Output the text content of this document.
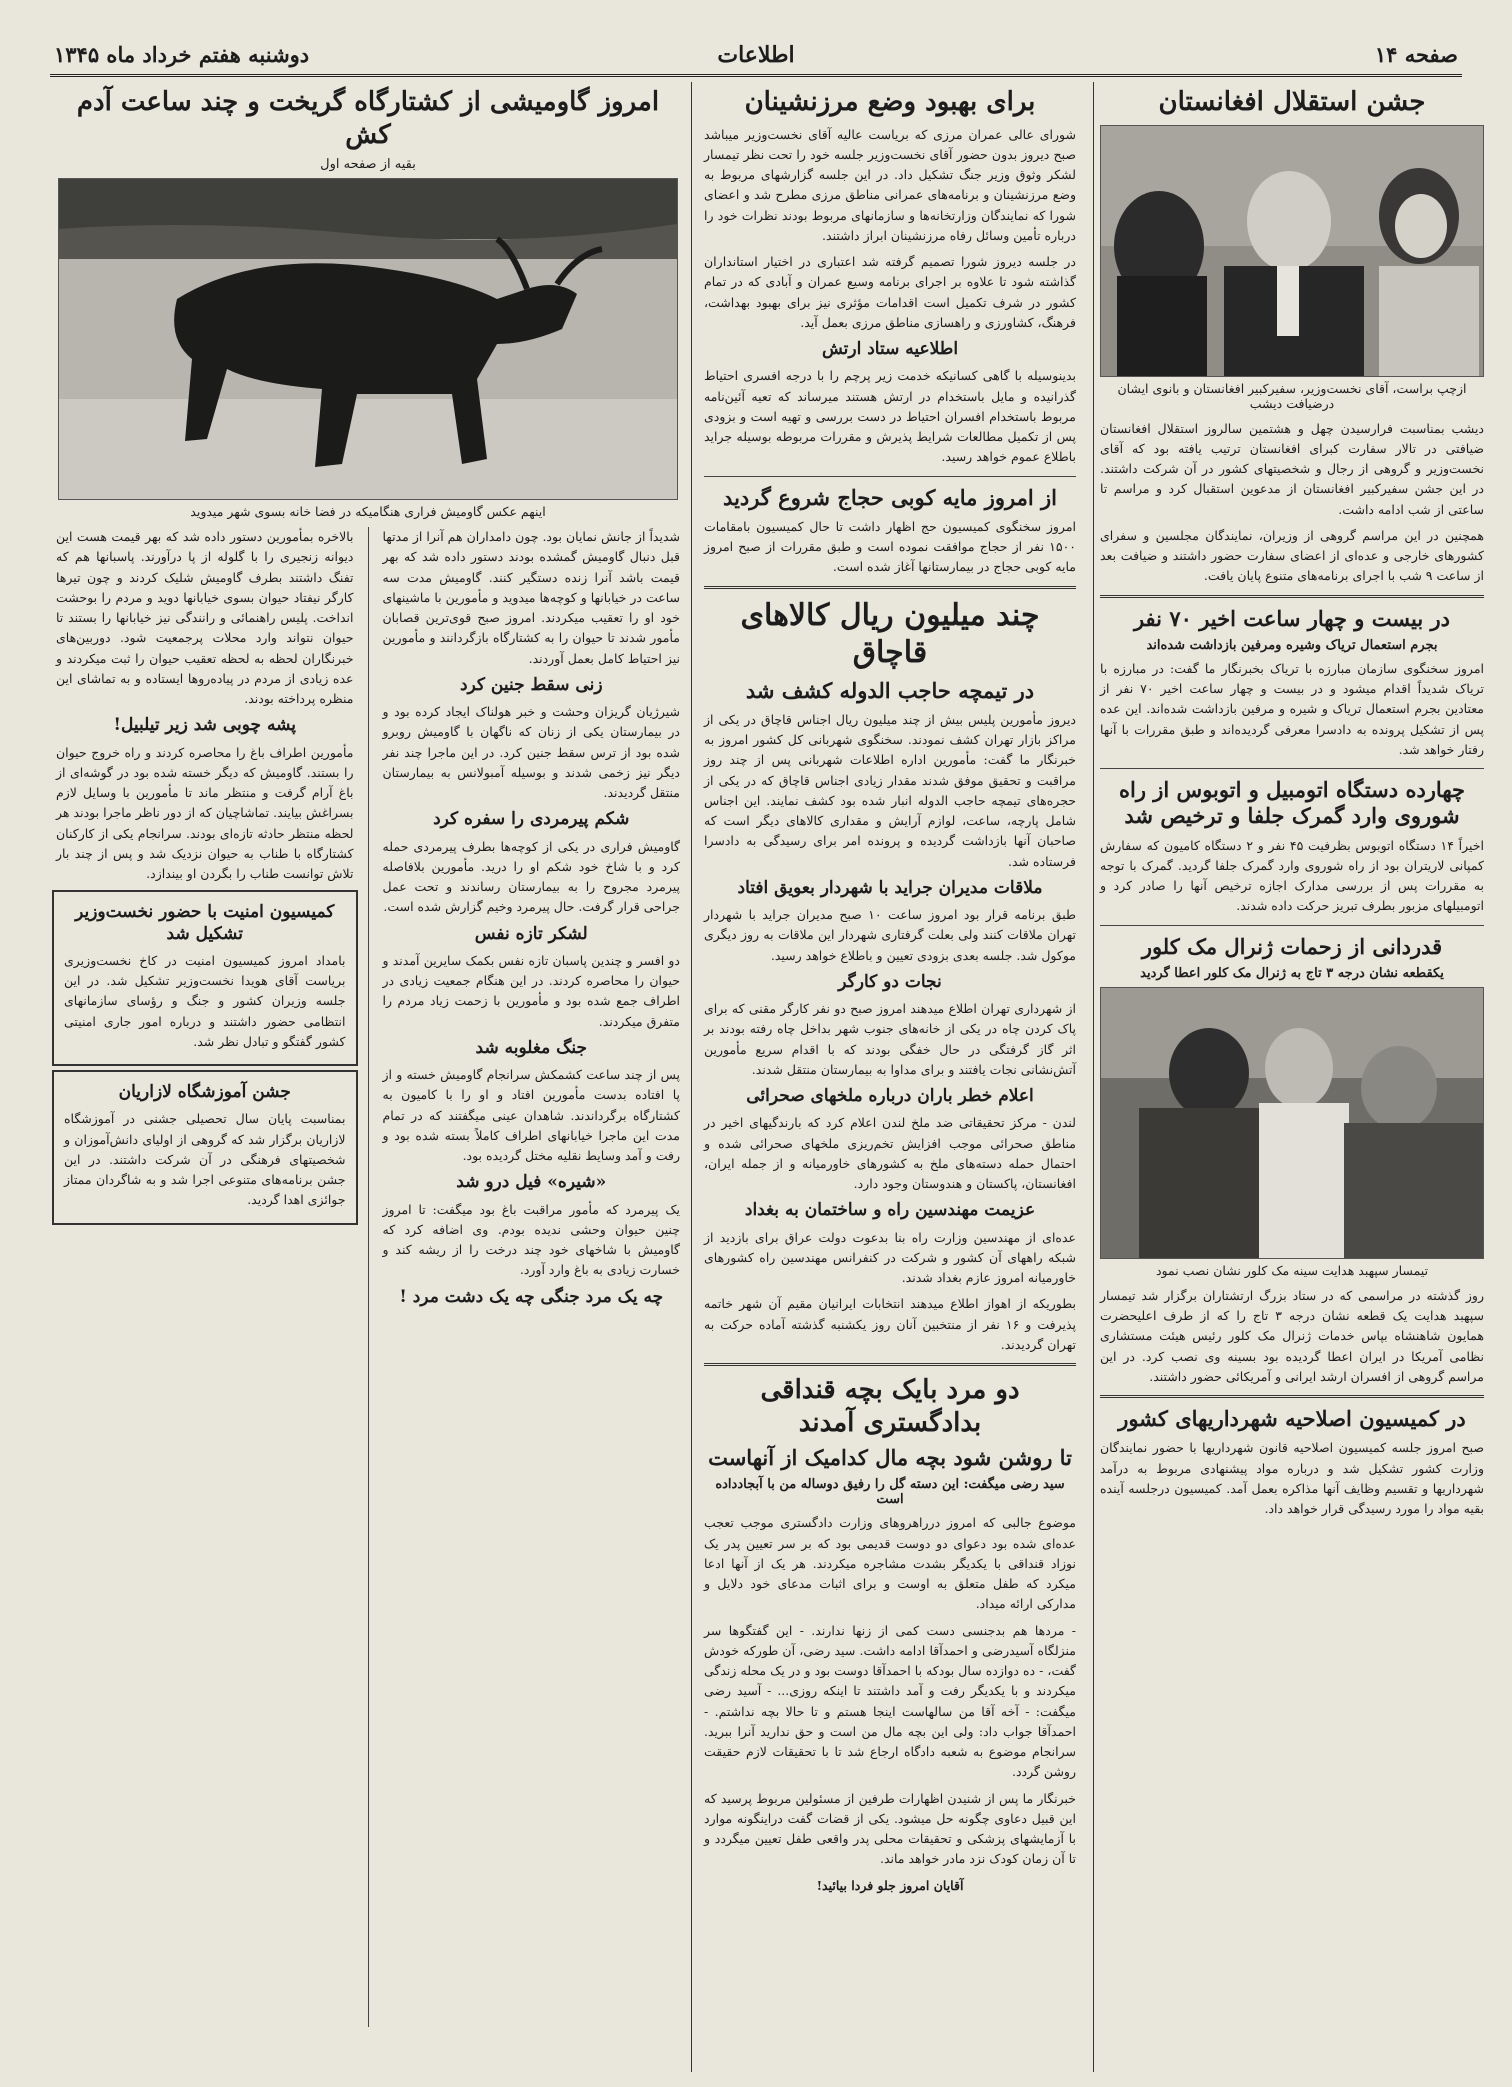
صفحه ۱۴
اطلاعات
دوشنبه هفتم خرداد ماه ۱۳۴۵
جشن استقلال افغانستان
ازچپ براست، آقای نخست‌وزیر، سفیرکبیر افغانستان و بانوی ایشان درضیافت دیشب
دیشب بمناسبت فرارسیدن چهل و هشتمین سالروز استقلال افغانستان ضیافتی در تالار سفارت کبرای افغانستان ترتیب یافته بود که آقای نخست‌وزیر و گروهی از رجال و شخصیتهای کشور در آن شرکت داشتند. در این جشن سفیرکبیر افغانستان از مدعوین استقبال کرد و مراسم تا ساعتی از شب ادامه داشت.
همچنین در این مراسم گروهی از وزیران، نمایندگان مجلسین و سفرای کشورهای خارجی و عده‌ای از اعضای سفارت حضور داشتند و ضیافت بعد از ساعت ۹ شب با اجرای برنامه‌های متنوع پایان یافت.
در بیست و چهار ساعت اخیر ۷۰ نفر
بجرم استعمال تریاک وشیره ومرفین بازداشت شده‌اند
امروز سخنگوی سازمان مبارزه با تریاک بخبرنگار ما گفت: در مبارزه با تریاک شدیداً اقدام میشود و در بیست و چهار ساعت اخیر ۷۰ نفر از معتادین بجرم استعمال تریاک و شیره و مرفین بازداشت شده‌اند. این عده پس از تشکیل پرونده به دادسرا معرفی گردیده‌اند و طبق مقررات با آنها رفتار خواهد شد.
چهارده دستگاه اتومبیل و اتوبوس از راه شوروی وارد گمرک جلفا و ترخیص شد
اخیراً ۱۴ دستگاه اتوبوس بظرفیت ۴۵ نفر و ۲ دستگاه کامیون که سفارش کمپانی لاریتران بود از راه شوروی وارد گمرک جلفا گردید. گمرک با توجه به مقررات پس از بررسی مدارک اجازه ترخیص آنها را صادر کرد و اتومبیلهای مزبور بطرف تبریز حرکت داده شدند.
قدردانی از زحمات ژنرال مک کلور
یکقطعه نشان درجه ۳ تاج به ژنرال مک کلور اعطا گردید
تیمسار سپهبد هدایت سینه مک کلور نشان نصب نمود
روز گذشته در مراسمی که در ستاد بزرگ ارتشتاران برگزار شد تیمسار سپهبد هدایت یک قطعه نشان درجه ۳ تاج را که از طرف اعلیحضرت همایون شاهنشاه بپاس خدمات ژنرال مک کلور رئیس هیئت مستشاری نظامی آمریکا در ایران اعطا گردیده بود بسینه وی نصب کرد. در این مراسم گروهی از افسران ارشد ایرانی و آمریکائی حضور داشتند.
در کمیسیون اصلاحیه شهرداریهای کشور
صبح امروز جلسه کمیسیون اصلاحیه قانون شهرداریها با حضور نمایندگان وزارت کشور تشکیل شد و درباره مواد پیشنهادی مربوط به درآمد شهرداریها و تقسیم وظایف آنها مذاکره بعمل آمد. کمیسیون درجلسه آینده بقیه مواد را مورد رسیدگی قرار خواهد داد.
برای بهبود وضع مرزنشینان
شورای عالی عمران مرزی که بریاست عالیه آقای نخست‌وزیر میباشد صبح دیروز بدون حضور آقای نخست‌وزیر جلسه خود را تحت نظر تیمسار لشکر وثوق وزیر جنگ تشکیل داد. در این جلسه گزارشهای مربوط به وضع مرزنشینان و برنامه‌های عمرانی مناطق مرزی مطرح شد و اعضای شورا که نمایندگان وزارتخانه‌ها و سازمانهای مربوط بودند نظرات خود را درباره تأمین وسائل رفاه مرزنشینان ابراز داشتند.
در جلسه دیروز شورا تصمیم گرفته شد اعتباری در اختیار استانداران گذاشته شود تا علاوه بر اجرای برنامه وسیع عمران و آبادی که در تمام کشور در شرف تکمیل است اقدامات مؤثری نیز برای بهبود بهداشت، فرهنگ، کشاورزی و راهسازی مناطق مرزی بعمل آید.
اطلاعیه ستاد ارتش
بدینوسیله با گاهی کسانیکه خدمت زیر پرچم را با درجه افسری احتیاط گذرانیده و مایل باستخدام در ارتش هستند میرساند که تعیه آئین‌نامه مربوط باستخدام افسران احتیاط در دست بررسی و تهیه است و بزودی پس از تکمیل مطالعات شرایط پذیرش و مقررات مربوطه بوسیله جراید باطلاع عموم خواهد رسید.
از امروز مایه کوبی حجاج شروع گردید
امروز سخنگوی کمیسیون حج اظهار داشت تا حال کمیسیون بامقامات ۱۵۰۰ نفر از حجاج موافقت نموده است و طبق مقررات از صبح امروز مایه کوبی حجاج در بیمارستانها آغاز شده است.
چند میلیون ریال کالاهای قاچاق
در تیمچه حاجب الدوله کشف شد
دیروز مأمورین پلیس بیش از چند میلیون ریال اجناس قاچاق در یکی از مراکز بازار تهران کشف نمودند. سخنگوی شهربانی کل کشور امروز به خبرنگار ما گفت: مأمورین اداره اطلاعات شهربانی پس از چند روز مراقبت و تحقیق موفق شدند مقدار زیادی اجناس قاچاق که در یکی از حجره‌های تیمچه حاجب الدوله انبار شده بود کشف نمایند. این اجناس شامل پارچه، ساعت، لوازم آرایش و مقداری کالاهای دیگر است که صاحبان آنها بازداشت گردیده و پرونده امر برای رسیدگی به دادسرا فرستاده شد.
ملاقات مدیران جراید با شهردار بعویق افتاد
طبق برنامه قرار بود امروز ساعت ۱۰ صبح مدیران جراید با شهردار تهران ملاقات کنند ولی بعلت گرفتاری شهردار این ملاقات به روز دیگری موکول شد. جلسه بعدی بزودی تعیین و باطلاع خواهد رسید.
نجات دو کارگر
از شهرداری تهران اطلاع میدهند امروز صبح دو نفر کارگر مقنی که برای پاک کردن چاه در یکی از خانه‌های جنوب شهر بداخل چاه رفته بودند بر اثر گاز گرفتگی در حال خفگی بودند که با اقدام سریع مأمورین آتش‌نشانی نجات یافتند و برای مداوا به بیمارستان منتقل شدند.
اعلام خطر باران درباره ملخهای صحرائی
لندن - مرکز تحقیقاتی ضد ملخ لندن اعلام کرد که بارندگیهای اخیر در مناطق صحرائی موجب افزایش تخم‌ریزی ملخهای صحرائی شده و احتمال حمله دسته‌های ملخ به کشورهای خاورمیانه و از جمله ایران، افغانستان، پاکستان و هندوستان وجود دارد.
عزیمت مهندسین راه و ساختمان به بغداد
عده‌ای از مهندسین وزارت راه بنا بدعوت دولت عراق برای بازدید از شبکه راههای آن کشور و شرکت در کنفرانس مهندسین راه کشورهای خاورمیانه امروز عازم بغداد شدند.
بطوریکه از اهواز اطلاع میدهند انتخابات ایرانیان مقیم آن شهر خاتمه پذیرفت و ۱۶ نفر از منتخبین آنان روز یکشنبه گذشته آماده حرکت به تهران گردیدند.
دو مرد بایک بچه قنداقی بدادگستری آمدند
تا روشن شود بچه مال کدامیک از آنهاست
سید رضی میگفت: این دسته گل را رفیق دوساله من با آبجادداده است
موضوع جالبی که امروز درراهروهای وزارت دادگستری موجب تعجب عده‌ای شده بود دعوای دو دوست قدیمی بود که بر سر تعیین پدر یک نوزاد قنداقی با یکدیگر بشدت مشاجره میکردند. هر یک از آنها ادعا میکرد که طفل متعلق به اوست و برای اثبات مدعای خود دلایل و مدارکی ارائه میداد.
- مردها هم بدجنسی دست کمی از زنها ندارند. - این گفتگوها سر منزلگاه آسیدرضی و احمدآقا ادامه داشت. سید رضی، آن طورکه خودش گفت، - ده دوازده سال بودکه با احمدآقا دوست بود و در یک محله زندگی میکردند و با یکدیگر رفت و آمد داشتند تا اینکه روزی... - آسید رضی میگفت: - آخه آقا من سالهاست اینجا هستم و تا حالا بچه نداشتم. - احمدآقا جواب داد: ولی این بچه مال من است و حق ندارید آنرا ببرید. سرانجام موضوع به شعبه دادگاه ارجاع شد تا با تحقیقات لازم حقیقت روشن گردد.
خبرنگار ما پس از شنیدن اظهارات طرفین از مسئولین مربوط پرسید که این قبیل دعاوی چگونه حل میشود. یکی از قضات گفت دراینگونه موارد با آزمایشهای پزشکی و تحقیقات محلی پدر واقعی طفل تعیین میگردد و تا آن زمان کودک نزد مادر خواهد ماند.
آقایان امروز جلو فردا بیائید!
امروز گاومیشی از کشتارگاه گریخت و چند ساعت آدم کش
بقیه از صفحه اول
اینهم عکس گاومیش فراری هنگامیکه در فضا خانه بسوی شهر میدوید
شدیداً از جانش نمایان بود. چون دامداران هم آنرا از مدتها قبل دنبال گاومیش گمشده بودند دستور داده شد که بهر قیمت باشد آنرا زنده دستگیر کنند. گاومیش مدت سه ساعت در خیابانها و کوچه‌ها میدوید و مأمورین با ماشینهای خود او را تعقیب میکردند. امروز صبح قوی‌ترین قصابان مأمور شدند تا حیوان را به کشتارگاه بازگردانند و مأمورین نیز احتیاط کامل بعمل آوردند.
زنی سقط جنین کرد
شیرژیان گریزان وحشت و خبر هولناک ایجاد کرده بود و در بیمارستان یکی از زنان که ناگهان با گاومیش روبرو شده بود از ترس سقط جنین کرد. در این ماجرا چند نفر دیگر نیز زخمی شدند و بوسیله آمبولانس به بیمارستان منتقل گردیدند.
شکم پیرمردی را سفره کرد
گاومیش فراری در یکی از کوچه‌ها بطرف پیرمردی حمله کرد و با شاخ خود شکم او را درید. مأمورین بلافاصله پیرمرد مجروح را به بیمارستان رساندند و تحت عمل جراحی قرار گرفت. حال پیرمرد وخیم گزارش شده است.
لشکر تازه نفس
دو افسر و چندین پاسبان تازه نفس بکمک سایرین آمدند و حیوان را محاصره کردند. در این هنگام جمعیت زیادی در اطراف جمع شده بود و مأمورین با زحمت زیاد مردم را متفرق میکردند.
جنگ مغلوبه شد
پس از چند ساعت کشمکش سرانجام گاومیش خسته و از پا افتاده بدست مأمورین افتاد و او را با کامیون به کشتارگاه برگرداندند. شاهدان عینی میگفتند که در تمام مدت این ماجرا خیابانهای اطراف کاملاً بسته شده بود و رفت و آمد وسایط نقلیه مختل گردیده بود.
«شیره» فیل درو شد
یک پیرمرد که مأمور مراقبت باغ بود میگفت: تا امروز چنین حیوان وحشی ندیده بودم. وی اضافه کرد که گاومیش با شاخهای خود چند درخت را از ریشه کند و خسارت زیادی به باغ وارد آورد.
چه یک مرد جنگی چه یک دشت مرد !
بالاخره بمأمورین دستور داده شد که بهر قیمت هست این دیوانه زنجیری را با گلوله از پا درآورند. پاسبانها هم که تفنگ داشتند بطرف گاومیش شلیک کردند و چون تیرها کارگر نیفتاد حیوان بسوی خیابانها دوید و مردم را بوحشت انداخت. پلیس راهنمائی و رانندگی نیز خیابانها را بستند تا حیوان نتواند وارد محلات پرجمعیت شود. دوربین‌های خبرنگاران لحظه به لحظه تعقیب حیوان را ثبت میکردند و عده زیادی از مردم در پیاده‌روها ایستاده و به تماشای این منظره پرداخته بودند.
پشه چوبی شد زیر تیلبیل!
مأمورین اطراف باغ را محاصره کردند و راه خروج حیوان را بستند. گاومیش که دیگر خسته شده بود در گوشه‌ای از باغ آرام گرفت و منتظر ماند تا مأمورین با وسایل لازم بسراغش بیایند. تماشاچیان که از دور ناظر ماجرا بودند هر لحظه منتظر حادثه تازه‌ای بودند. سرانجام یکی از کارکنان کشتارگاه با طناب به حیوان نزدیک شد و پس از چند بار تلاش توانست طناب را بگردن او بیندازد.
کمیسیون امنیت با حضور نخست‌وزیر تشکیل شد
بامداد امروز کمیسیون امنیت در کاخ نخست‌وزیری بریاست آقای هویدا نخست‌وزیر تشکیل شد. در این جلسه وزیران کشور و جنگ و رؤسای سازمانهای انتظامی حضور داشتند و درباره امور جاری امنیتی کشور گفتگو و تبادل نظر شد.
جشن آموزشگاه لازاریان
بمناسبت پایان سال تحصیلی جشنی در آموزشگاه لازاریان برگزار شد که گروهی از اولیای دانش‌آموزان و شخصیتهای فرهنگی در آن شرکت داشتند. در این جشن برنامه‌های متنوعی اجرا شد و به شاگردان ممتاز جوائزی اهدا گردید.
